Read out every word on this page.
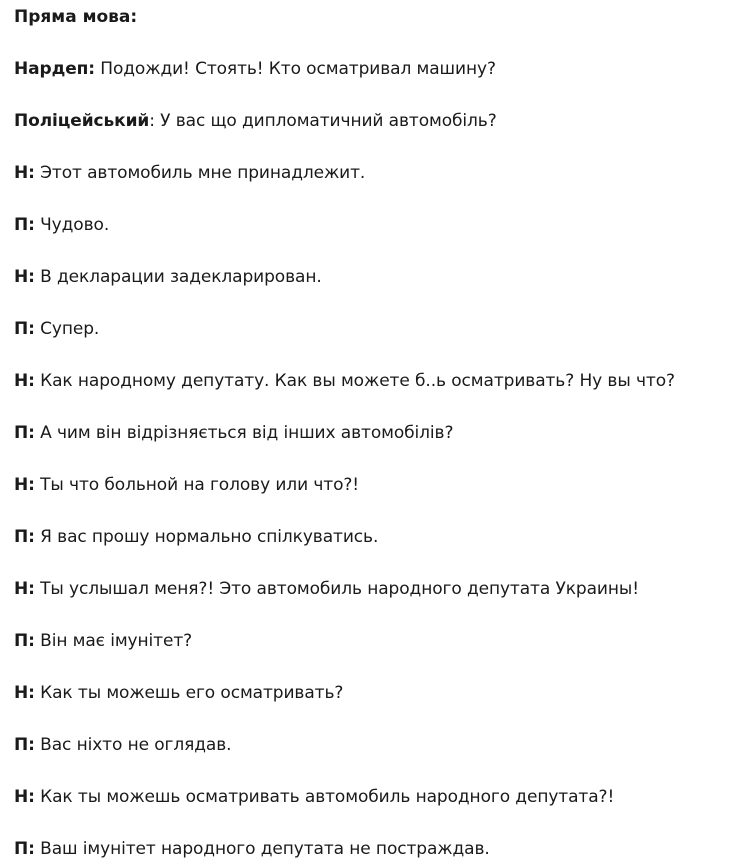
Пряма мова:
Нардеп: Подожди! Стоять! Кто осматривал машину?
Поліцейський: У вас що дипломатичний автомобіль?
Н: Этот автомобиль мне принадлежит.
П: Чудово.
Н: В декларации задекларирован.
П: Супер.
Н: Как народному депутату. Как вы можете б..ь осматривать? Ну вы что?
П: А чим він відрізняється від інших автомобілів?
Н: Ты что больной на голову или что?!
П: Я вас прошу нормально спілкуватись.
Н: Ты услышал меня?! Это автомобиль народного депутата Украины!
П: Він має імунітет?
Н: Как ты можешь его осматривать?
П: Вас ніхто не оглядав.
Н: Как ты можешь осматривать автомобиль народного депутата?!
П: Ваш імунітет народного депутата не постраждав.
